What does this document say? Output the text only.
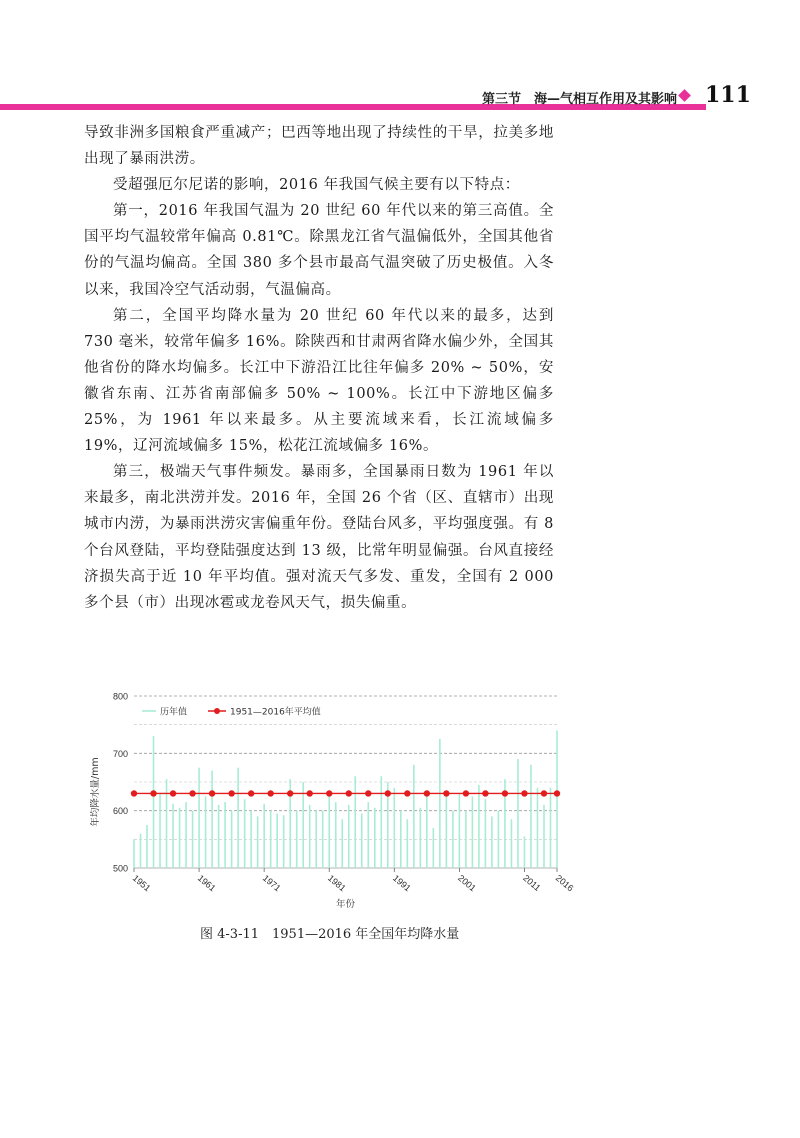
第三节　海—气相互作用及其影响 111

导致非洲多国粮食严重减产；巴西等地出现了持续性的干旱，拉美多地出现了暴雨洪涝。

受超强厄尔尼诺的影响，2016 年我国气候主要有以下特点：

第一，2016 年我国气温为 20 世纪 60 年代以来的第三高值。全国平均气温较常年偏高 0.81℃。除黑龙江省气温偏低外，全国其他省份的气温均偏高。全国 380 多个县市最高气温突破了历史极值。入冬以来，我国冷空气活动弱，气温偏高。

第二，全国平均降水量为 20 世纪 60 年代以来的最多，达到 730 毫米，较常年偏多 16%。除陕西和甘肃两省降水偏少外，全国其他省份的降水均偏多。长江中下游沿江比往年偏多 20% ~ 50%，安徽省东南、江苏省南部偏多 50% ~ 100%。长江中下游地区偏多 25%，为 1961 年以来最多。从主要流域来看，长江流域偏多 19%，辽河流域偏多 15%，松花江流域偏多 16%。

第三，极端天气事件频发。暴雨多，全国暴雨日数为 1961 年以来最多，南北洪涝并发。2016 年，全国 26 个省（区、直辖市）出现城市内涝，为暴雨洪涝灾害偏重年份。登陆台风多，平均强度强。有 8 个台风登陆，平均登陆强度达到 13 级，比常年明显偏强。台风直接经济损失高于近 10 年平均值。强对流天气多发、重发，全国有 2 000 多个县（市）出现冰雹或龙卷风天气，损失偏重。

500
600
700
800
1951	1961	1971	1981	1991	2001	2011 2016
年份
年均降水量/mm
历年值	1951—2016年平均值
图 4-3-11　1951—2016 年全国年均降水量
